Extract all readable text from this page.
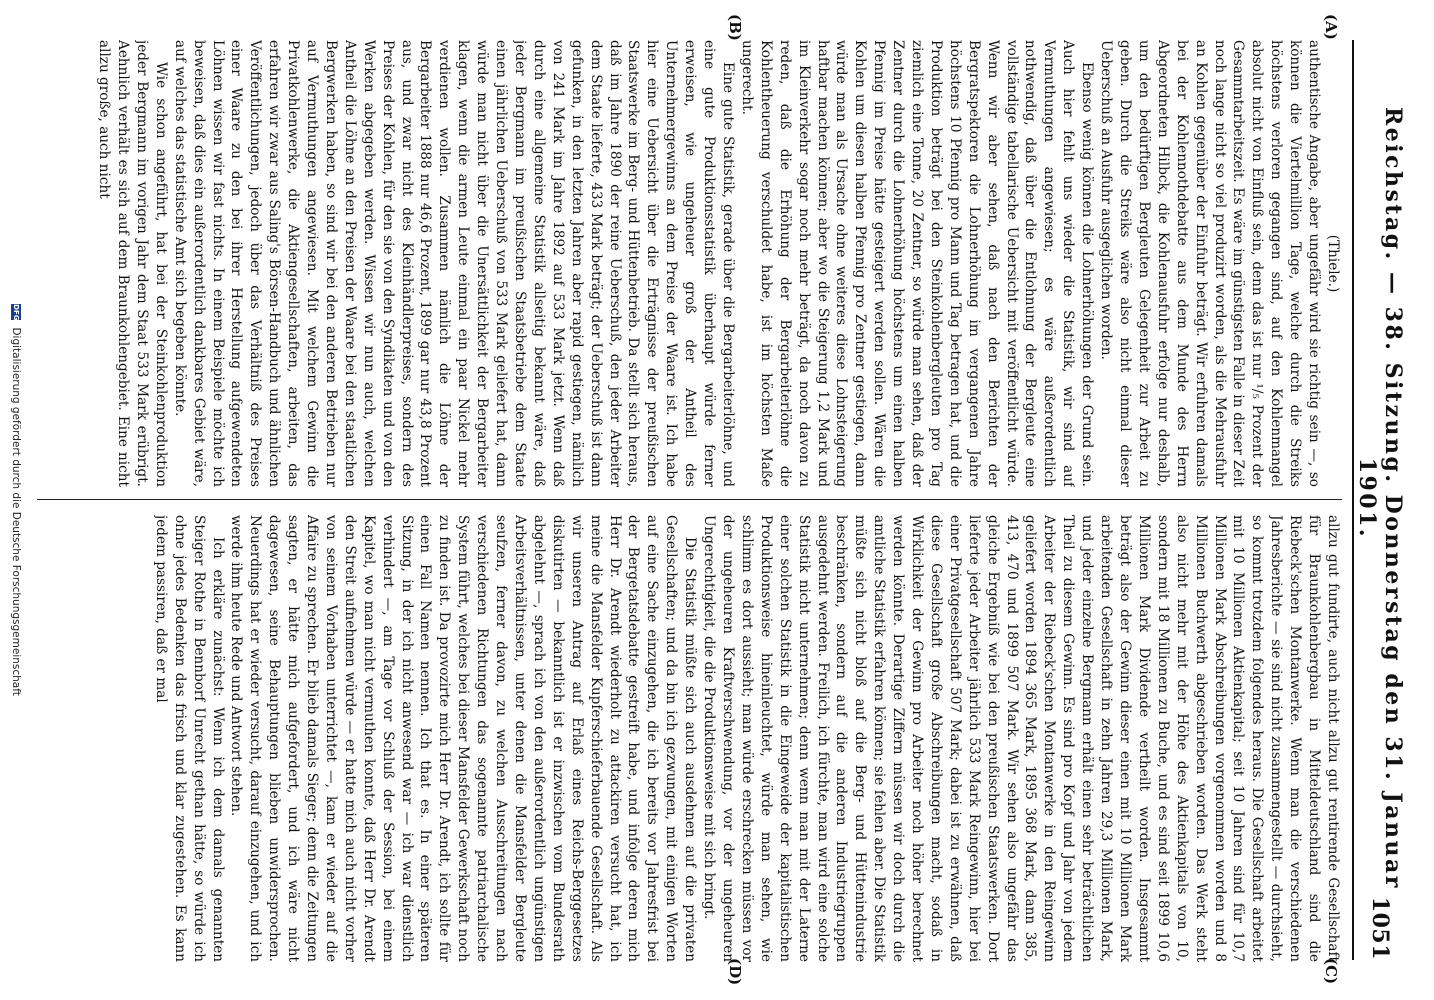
Reichstag. — 38. Sitzung. Donnerstag den 31. Januar 1901.
1051
(A)
(B)
(C)
(D)

(Thiele.)

authentische Angabe, aber ungefähr wird sie richtig sein —, so können die Viertelmillion Tage, welche durch die Streiks höchstens verloren gegangen sind, auf den Kohlenmangel absolut nicht von Einfluß sein, denn das ist nur ¹/₅ Prozent der Gesammtarbeitszeit. Es wäre im günstigsten Falle in dieser Zeit noch lange nicht so viel produzirt worden, als die Mehrausfuhr an Kohlen gegenüber der Einfuhr beträgt. Wir erfuhren damals bei der Kohlennothdebatte aus dem Munde des Herrn Abgeordneten Hilbck, die Kohlenausfuhr erfolge nur deshalb, um den bedürftigen Bergleuten Gelegenheit zur Arbeit zu geben. Durch die Streiks wäre also nicht einmal dieser Ueberschuß an Ausfuhr ausgeglichen worden.

Ebenso wenig können die Lohnerhöhungen der Grund sein. Auch hier fehlt uns wieder die Statistik, wir sind auf Vermuthungen angewiesen; es wäre außerordentlich nothwendig, daß über die Entlohnung der Bergleute eine vollständige tabellarische Uebersicht mit veröffentlicht würde. Wenn wir aber sehen, daß nach den Berichten der Bergratspektoren die Lohnerhöhung im vergangenen Jahre höchstens 10 Pfennig pro Mann und Tag betragen hat, und die Produktion beträgt bei den Steinkohlenbergleuten pro Tag ziemlich eine Tonne, 20 Zentner, so würde man sehen, daß der Zentner durch die Lohnerhöhung höchstens um einen halben Pfennig im Preise hätte gesteigert werden sollen. Wären die Kohlen um diesen halben Pfennig pro Zentner gestiegen, dann würde man als Ursache ohne weiteres diese Lohnsteigerung haftbar machen können; aber wo die Steigerung 1,2 Mark und im Kleinverkehr sogar noch mehr beträgt, da noch davon zu reden, daß die Erhöhung der Bergarbeiterlöhne die Kohlentheuerung verschuldet habe, ist im höchsten Maße ungerecht.

Eine gute Statistik, gerade über die Bergarbeiterlöhne, und eine gute Produktionsstatistik überhaupt würde ferner erweisen, wie ungeheuer groß der Antheil des Unternehmergewinns an dem Preise der Waare ist. Ich habe hier eine Uebersicht über die Erträgnisse der preußischen Staatswerke im Berg- und Hüttenbetrieb. Da stellt sich heraus, daß im Jahre 1890 der reine Ueberschuß, den jeder Arbeiter dem Staate lieferte, 433 Mark beträgt; der Ueberschuß ist dann gefunken, in den letzten Jahren aber rapid gestiegen, nämlich von 241 Mark im Jahre 1892 auf 533 Mark jetzt. Wenn daß durch eine allgemeine Statistik allseitig bekannt wäre, daß jeder Bergmann im preußischen Staatsbetriebe dem Staate einen jährlichen Ueberschuß von 533 Mark geliefert hat, dann würde man nicht über die Unersättlichkeit der Bergarbeiter klagen, wenn die armen Leute einmal ein paar Nickel mehr verdienen wollen. Zusammen nämlich die Löhne der Bergarbeiter 1888 nur 46,6 Prozent, 1899 gar nur 43,8 Prozent aus, und zwar nicht des Kleinhändlerpreises, sondern des Preises der Kohlen, für den sie von den Syndikaten und von den Werken abgegeben werden. Wissen wir nun auch, welchen Antheil die Löhne an den Preisen der Waare bei den staatlichen Bergwerken haben, so sind wir bei den anderen Betrieben nur auf Vermuthungen angewiesen. Mit welchem Gewinn die Privatkohlenwerke, die Aktiengesellschaften, arbeiten, das erfahren wir zwar aus Saling's Börsen-Handbuch und ähnlichen Veröffentlichungen, jedoch über das Verhältniß des Preises einer Waare zu den bei ihrer Herstellung aufgewendeten Löhnen wissen wir fast nichts. In einem Beispiele möchte ich beweisen, daß dies ein außerordentlich dankbares Gebiet wäre, auf welches das statistische Amt sich begeben könnte.

Wie schon angeführt, hat bei der Steinkohlenproduktion jeder Bergmann im vorigen Jahr dem Staat 533 Mark erübrigt. Aehnlich verhält es sich auf dem Braunkohlengebiet. Eine nicht allzu große, auch nicht

allzu gut fundirte, auch nicht allzu gut rentirende Gesellschaft für Braunkohlenbergbau in Mitteldeutschland sind die Riebeck'schen Montanwerke. Wenn man die verschiedenen Jahresberichte — sie sind nicht zusammengestellt — durchsieht, so kommt trotzdem folgendes heraus. Die Gesellschaft arbeitet mit 10 Millionen Aktienkapital; seit 10 Jahren sind für 10,7 Millionen Mark Abschreibungen vorgenommen worden und 8 Millionen Buchwerth abgeschrieben worden. Das Werk steht also nicht mehr mit der Höhe des Aktienkapitals von 10, sondern mit 18 Millionen zu Buche, und es sind seit 1899 10,6 Millionen Mark Dividende vertheilt worden. Insgesammt beträgt also der Gewinn dieser einen mit 10 Millionen Mark arbeitenden Gesellschaft in zehn Jahren 29,3 Millionen Mark, und jeder einzelne Bergmann erhält einen sehr beträchtlichen Theil zu diesem Gewinn. Es sind pro Kopf und Jahr von jedem Arbeiter der Riebeck'schen Montanwerke in den Reingewinn geliefert worden 1894 365 Mark, 1895 368 Mark, dann 385, 413, 470 und 1899 507 Mark. Wir sehen also ungefähr das gleiche Ergebniß wie bei den preußischen Staatswerken. Dort lieferte jeder Arbeiter jährlich 533 Mark Reingewinn, hier bei einer Privatgesellschaft 507 Mark; dabei ist zu erwähnen, daß diese Gesellschaft große Abschreibungen macht, sodaß in Wirklichkeit der Gewinn pro Arbeiter noch höher berechnet werden könnte. Derartige Ziffern müssen wir doch durch die amtliche Statistik erfahren können; sie fehlen aber. Die Statistik müßte sich nicht bloß auf die Berg- und Hüttenindustrie beschränken, sondern auf die anderen Industriegruppen ausgedehnt werden. Freilich, ich fürchte, man wird eine solche Statistik nicht unternehmen; denn wenn man mit der Laterne einer solchen Statistik in die Eingeweide der kapitalistischen Produktionsweise hineinleuchtet, würde man sehen, wie schlimm es dort aussieht; man würde erschrecken müssen vor der ungeheuren Kraftverschwendung, vor der ungeheuren Ungerechtigkeit, die die Produktionsweise mit sich bringt.

Die Statistik müßte sich auch ausdehnen auf die privaten Gesellschaften; und da bin ich gezwungen, mit einigen Worten auf eine Sache einzugehen, die ich bereits vor Jahresfrist bei der Bergetatsdebatte gestreift habe, und infolge deren mich Herr Dr. Arendt wiederholt zu attackiren versucht hat, ich meine die Mansfelder Kupferschieferbauende Gesellschaft. Als wir unseren Antrag auf Erlaß eines Reichs-Berggesetzes diskutirten — bekanntlich ist er inzwischen vom Bundesrath abgelehnt —, sprach ich von den außerordentlich ungünstigen Arbeitsverhältnissen, unter denen die Mansfelder Bergleute seufzen, ferner davon, zu welchen Ausschreitungen nach verschiedenen Richtungen das sogenannte patriarchalische System führt, welches bei dieser Mansfelder Gewerkschaft noch zu finden ist. Da provozirte mich Herr Dr. Arendt, ich sollte für einen Fall Namen nennen. Ich that es. In einer späteren Sitzung, in der ich nicht anwesend war — ich war dienstlich verhindert —, am Tage vor Schluß der Session, bei einem Kapitel, wo man nicht vermuthen konnte, daß Herr Dr. Arendt den Streit aufnehmen würde — er hatte mich auch nicht vorher von seinem Vorhaben unterrichtet —, kam er wieder auf die Affaire zu sprechen. Er blieb damals Sieger; denn die Zeitungen sagten, er hätte mich aufgefordert, und ich wäre nicht dagewesen, seine Behauptungen blieben unwidersprochen. Neuerdings hat er wieder versucht, darauf einzugehen, und ich werde ihm heute Rede und Antwort stehen.

Ich erkläre zunächst: Wenn ich dem damals genannten Steiger Rothe in Bennborf Unrecht gethan hätte, so würde ich ohne jedes Bedenken das frisch und klar zugestehen. Es kann jedem passiren, daß er mal

DFG Digitalisierung gefördert durch die Deutsche Forschungsgemeinschaft
